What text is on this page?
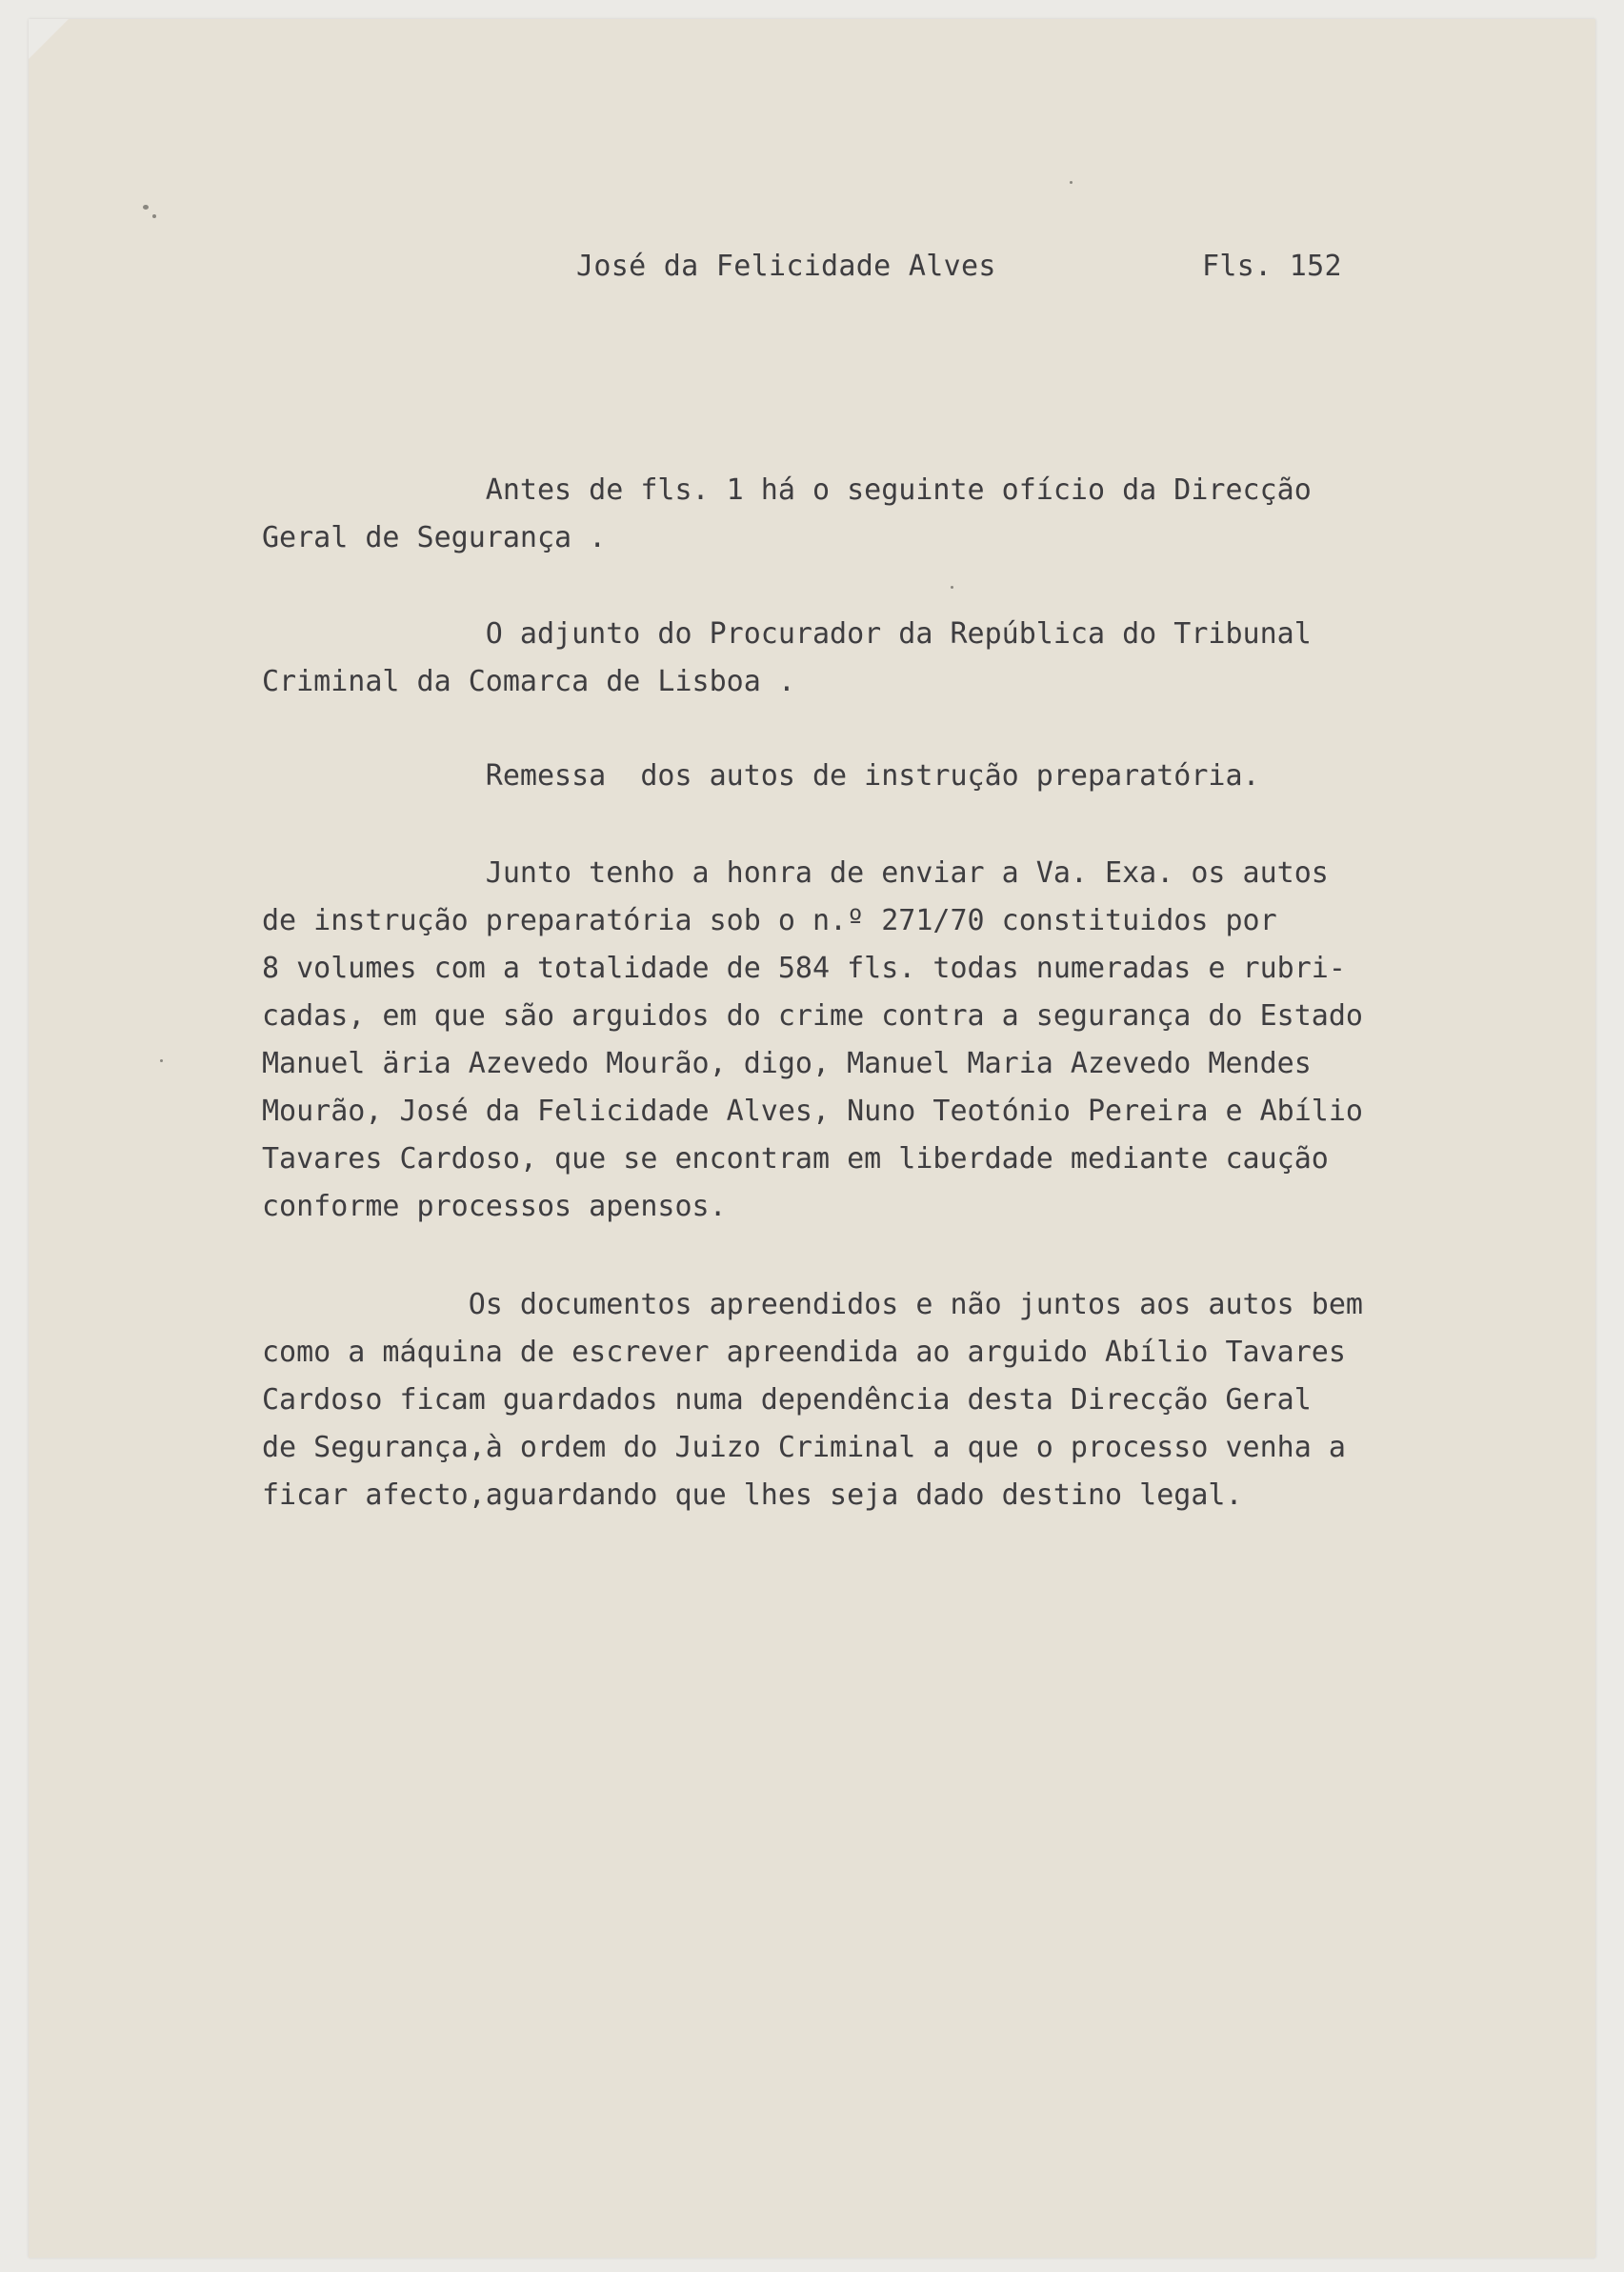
José da Felicidade Alves	Fls. 152
Antes de fls. 1 há o seguinte ofício da Direcção
Geral de Segurança .
O adjunto do Procurador da República do Tribunal
Criminal da Comarca de Lisboa .
Remessa  dos autos de instrução preparatória.
Junto tenho a honra de enviar a Va. Exa. os autos
de instrução preparatória sob o n.º 271/70 constituidos por
8 volumes com a totalidade de 584 fls. todas numeradas e rubri-
cadas, em que são arguidos do crime contra a segurança do Estado
Manuel äria Azevedo Mourão, digo, Manuel Maria Azevedo Mendes
Mourão, José da Felicidade Alves, Nuno Teotónio Pereira e Abílio
Tavares Cardoso, que se encontram em liberdade mediante caução
conforme processos apensos.
Os documentos apreendidos e não juntos aos autos bem
como a máquina de escrever apreendida ao arguido Abílio Tavares
Cardoso ficam guardados numa dependência desta Direcção Geral
de Segurança,à ordem do Juizo Criminal a que o processo venha a
ficar afecto,aguardando que lhes seja dado destino legal.
